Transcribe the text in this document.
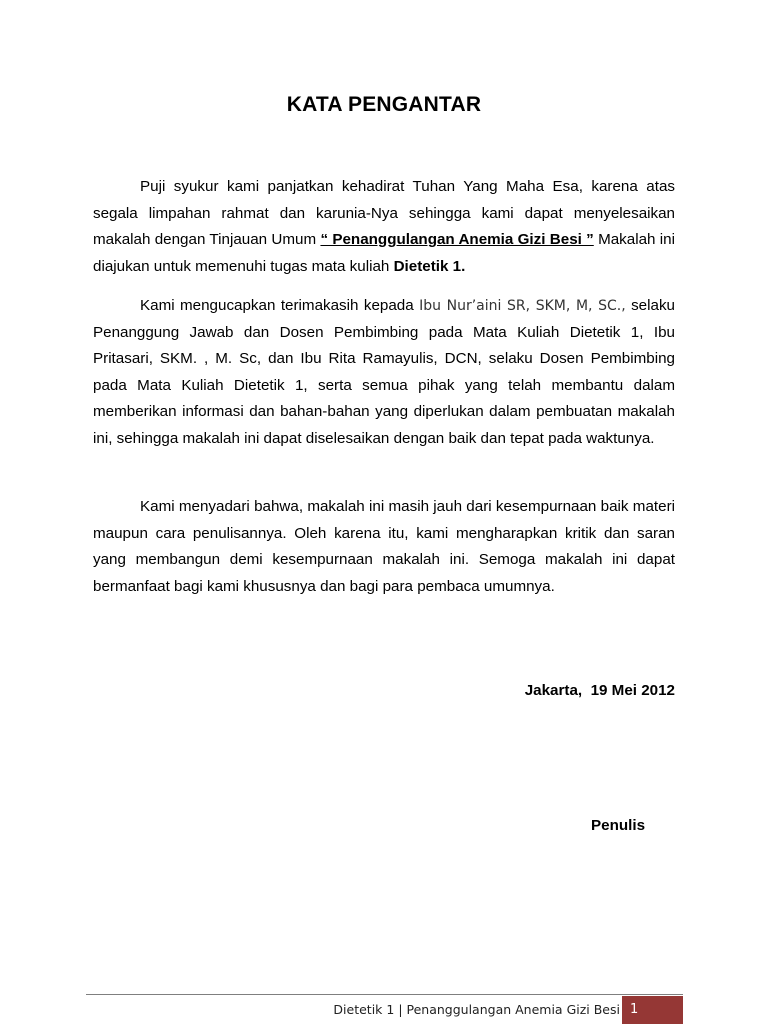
KATA PENGANTAR

Puji syukur kami panjatkan kehadirat Tuhan Yang Maha Esa, karena atas segala limpahan rahmat dan karunia-Nya sehingga kami dapat menyelesaikan makalah dengan Tinjauan Umum “ Penanggulangan Anemia Gizi Besi ” Makalah ini diajukan untuk memenuhi tugas mata kuliah Dietetik 1.

Kami mengucapkan terimakasih kepada Ibu Nur’aini SR, SKM, M, SC., selaku Penanggung Jawab dan Dosen Pembimbing pada Mata Kuliah Dietetik 1, Ibu Pritasari, SKM. , M. Sc, dan Ibu Rita Ramayulis, DCN, selaku Dosen Pembimbing pada Mata Kuliah Dietetik 1, serta semua pihak yang telah membantu dalam memberikan informasi dan bahan-bahan yang diperlukan dalam pembuatan makalah ini, sehingga makalah ini dapat diselesaikan dengan baik dan tepat pada waktunya.

Kami menyadari bahwa, makalah ini masih jauh dari kesempurnaan baik materi maupun cara penulisannya. Oleh karena itu, kami mengharapkan kritik dan saran yang membangun demi kesempurnaan makalah ini. Semoga makalah ini dapat bermanfaat bagi kami khususnya dan bagi para pembaca umumnya.

Jakarta,  19 Mei 2012
Penulis
Dietetik 1 | Penanggulangan Anemia Gizi Besi 1
